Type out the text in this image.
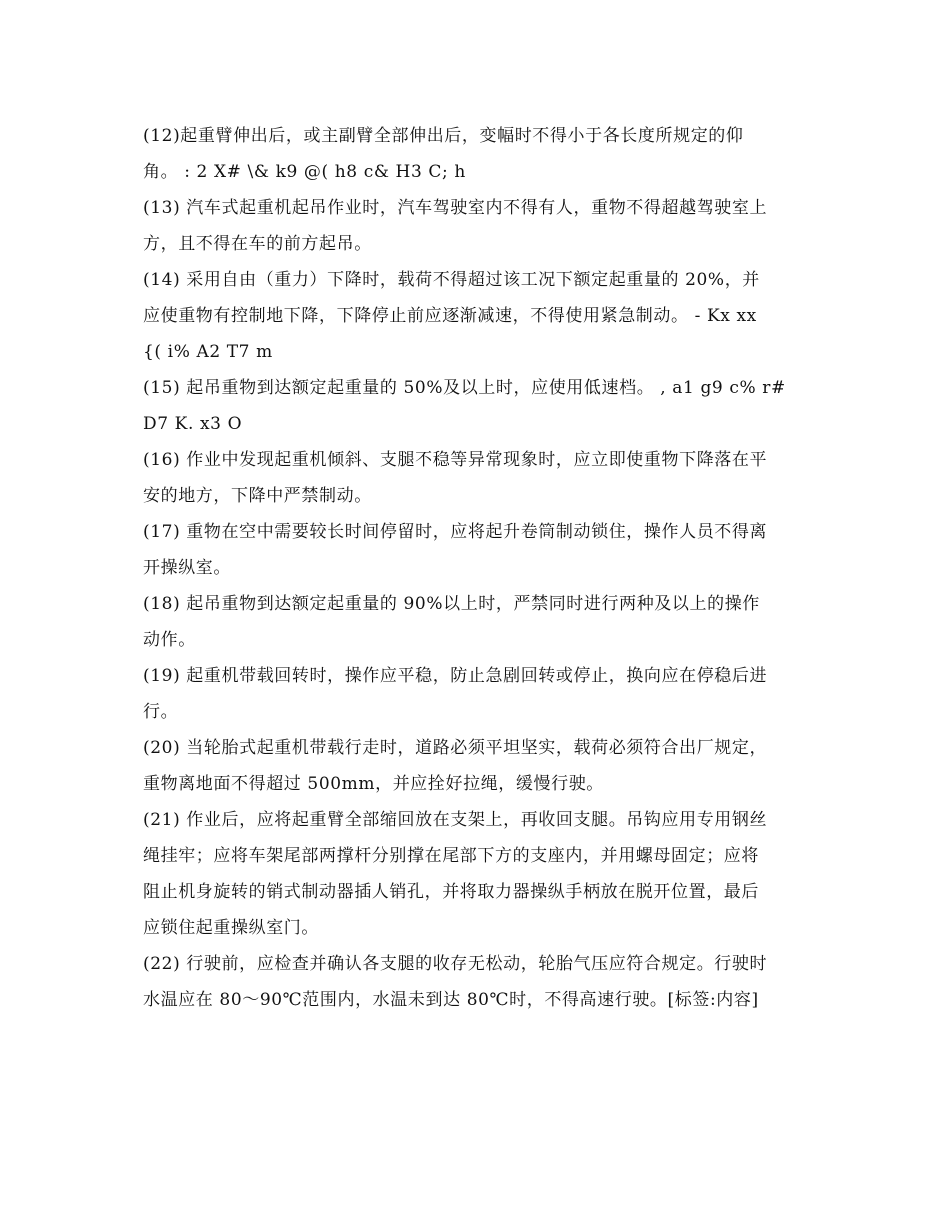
(12)起重臂伸出后，或主副臂全部伸出后，变幅时不得小于各长度所规定的仰
角。 : 2 X# \& k9 @( h8 c& H3 C; h

(13) 汽车式起重机起吊作业时，汽车驾驶室内不得有人，重物不得超越驾驶室上
方，且不得在车的前方起吊。

(14) 采用自由（重力）下降时，载荷不得超过该工况下额定起重量的 20%，并
应使重物有控制地下降，下降停止前应逐渐减速，不得使用紧急制动。 - Kx xx
{( i% A2 T7 m

(15) 起吊重物到达额定起重量的 50%及以上时，应使用低速档。 , a1 g9 c% r#
D7 K. x3 O

(16) 作业中发现起重机倾斜、支腿不稳等异常现象时，应立即使重物下降落在平
安的地方，下降中严禁制动。

(17) 重物在空中需要较长时间停留时，应将起升卷筒制动锁住，操作人员不得离
开操纵室。

(18) 起吊重物到达额定起重量的 90%以上时，严禁同时进行两种及以上的操作
动作。

(19) 起重机带载回转时，操作应平稳，防止急剧回转或停止，换向应在停稳后进
行。

(20) 当轮胎式起重机带载行走时，道路必须平坦坚实，载荷必须符合出厂规定，
重物离地面不得超过 500mm，并应拴好拉绳，缓慢行驶。

(21) 作业后，应将起重臂全部缩回放在支架上，再收回支腿。吊钩应用专用钢丝
绳挂牢；应将车架尾部两撑杆分别撑在尾部下方的支座内，并用螺母固定；应将
阻止机身旋转的销式制动器插人销孔，并将取力器操纵手柄放在脱开位置，最后
应锁住起重操纵室门。

(22) 行驶前，应检查并确认各支腿的收存无松动，轮胎气压应符合规定。行驶时
水温应在 80～90℃范围内，水温未到达 80℃时，不得高速行驶。[标签:内容]
